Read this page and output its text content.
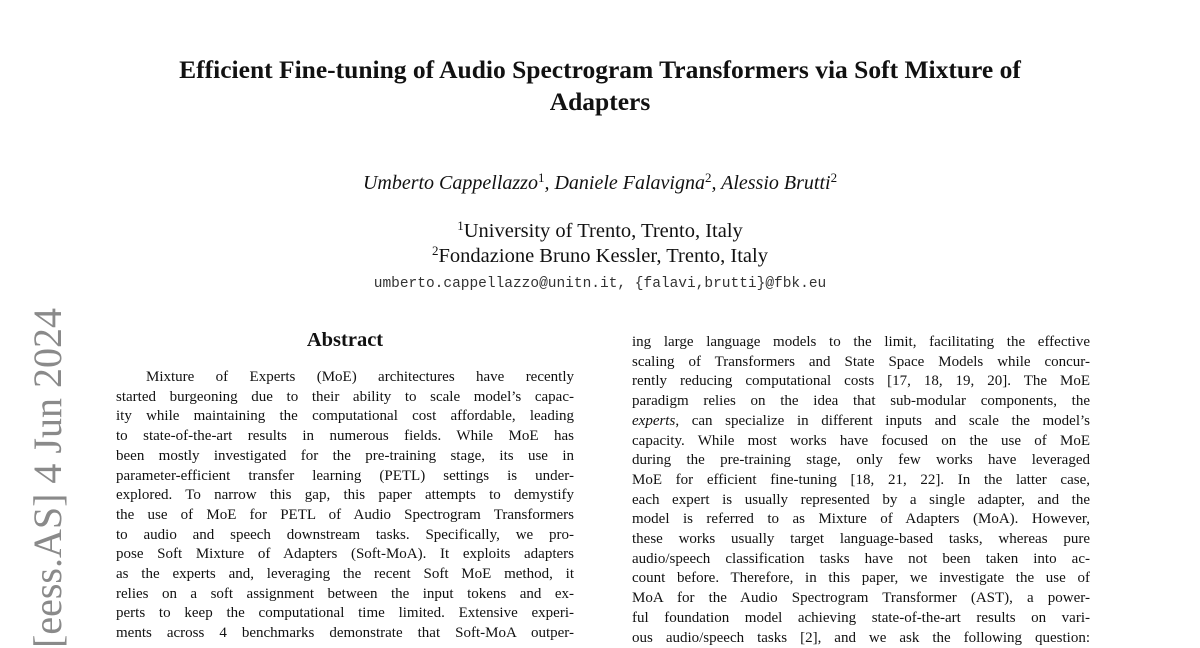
Efficient Fine-tuning of Audio Spectrogram Transformers via Soft Mixture of
Adapters
Umberto Cappellazzo$^1$, Daniele Falavigna$^2$, Alessio Brutti$^2$
$^1$University of Trento, Trento, Italy
$^2$Fondazione Bruno Kessler, Trento, Italy
umberto.cappellazzo@unitn.it, {falavi,brutti}@fbk.eu
Abstract
Mixture of Experts (MoE) architectures have recently
started burgeoning due to their ability to scale model’s capac-
ity while maintaining the computational cost affordable, leading
to state-of-the-art results in numerous fields. While MoE has
been mostly investigated for the pre-training stage, its use in
parameter-efficient transfer learning (PETL) settings is under-
explored. To narrow this gap, this paper attempts to demystify
the use of MoE for PETL of Audio Spectrogram Transformers
to audio and speech downstream tasks. Specifically, we pro-
pose Soft Mixture of Adapters (Soft-MoA). It exploits adapters
as the experts and, leveraging the recent Soft MoE method, it
relies on a soft assignment between the input tokens and ex-
perts to keep the computational time limited. Extensive experi-
ments across 4 benchmarks demonstrate that Soft-MoA outper-
ing large language models to the limit, facilitating the effective
scaling of Transformers and State Space Models while concur-
rently reducing computational costs [17, 18, 19, 20]. The MoE
paradigm relies on the idea that sub-modular components, the
experts, can specialize in different inputs and scale the model’s
capacity. While most works have focused on the use of MoE
during the pre-training stage, only few works have leveraged
MoE for efficient fine-tuning [18, 21, 22]. In the latter case,
each expert is usually represented by a single adapter, and the
model is referred to as Mixture of Adapters (MoA). However,
these works usually target language-based tasks, whereas pure
audio/speech classification tasks have not been taken into ac-
count before. Therefore, in this paper, we investigate the use of
MoA for the Audio Spectrogram Transformer (AST), a power-
ful foundation model achieving state-of-the-art results on vari-
ous audio/speech tasks [2], and we ask the following question:
[eess.AS] 4 Jun 2024
